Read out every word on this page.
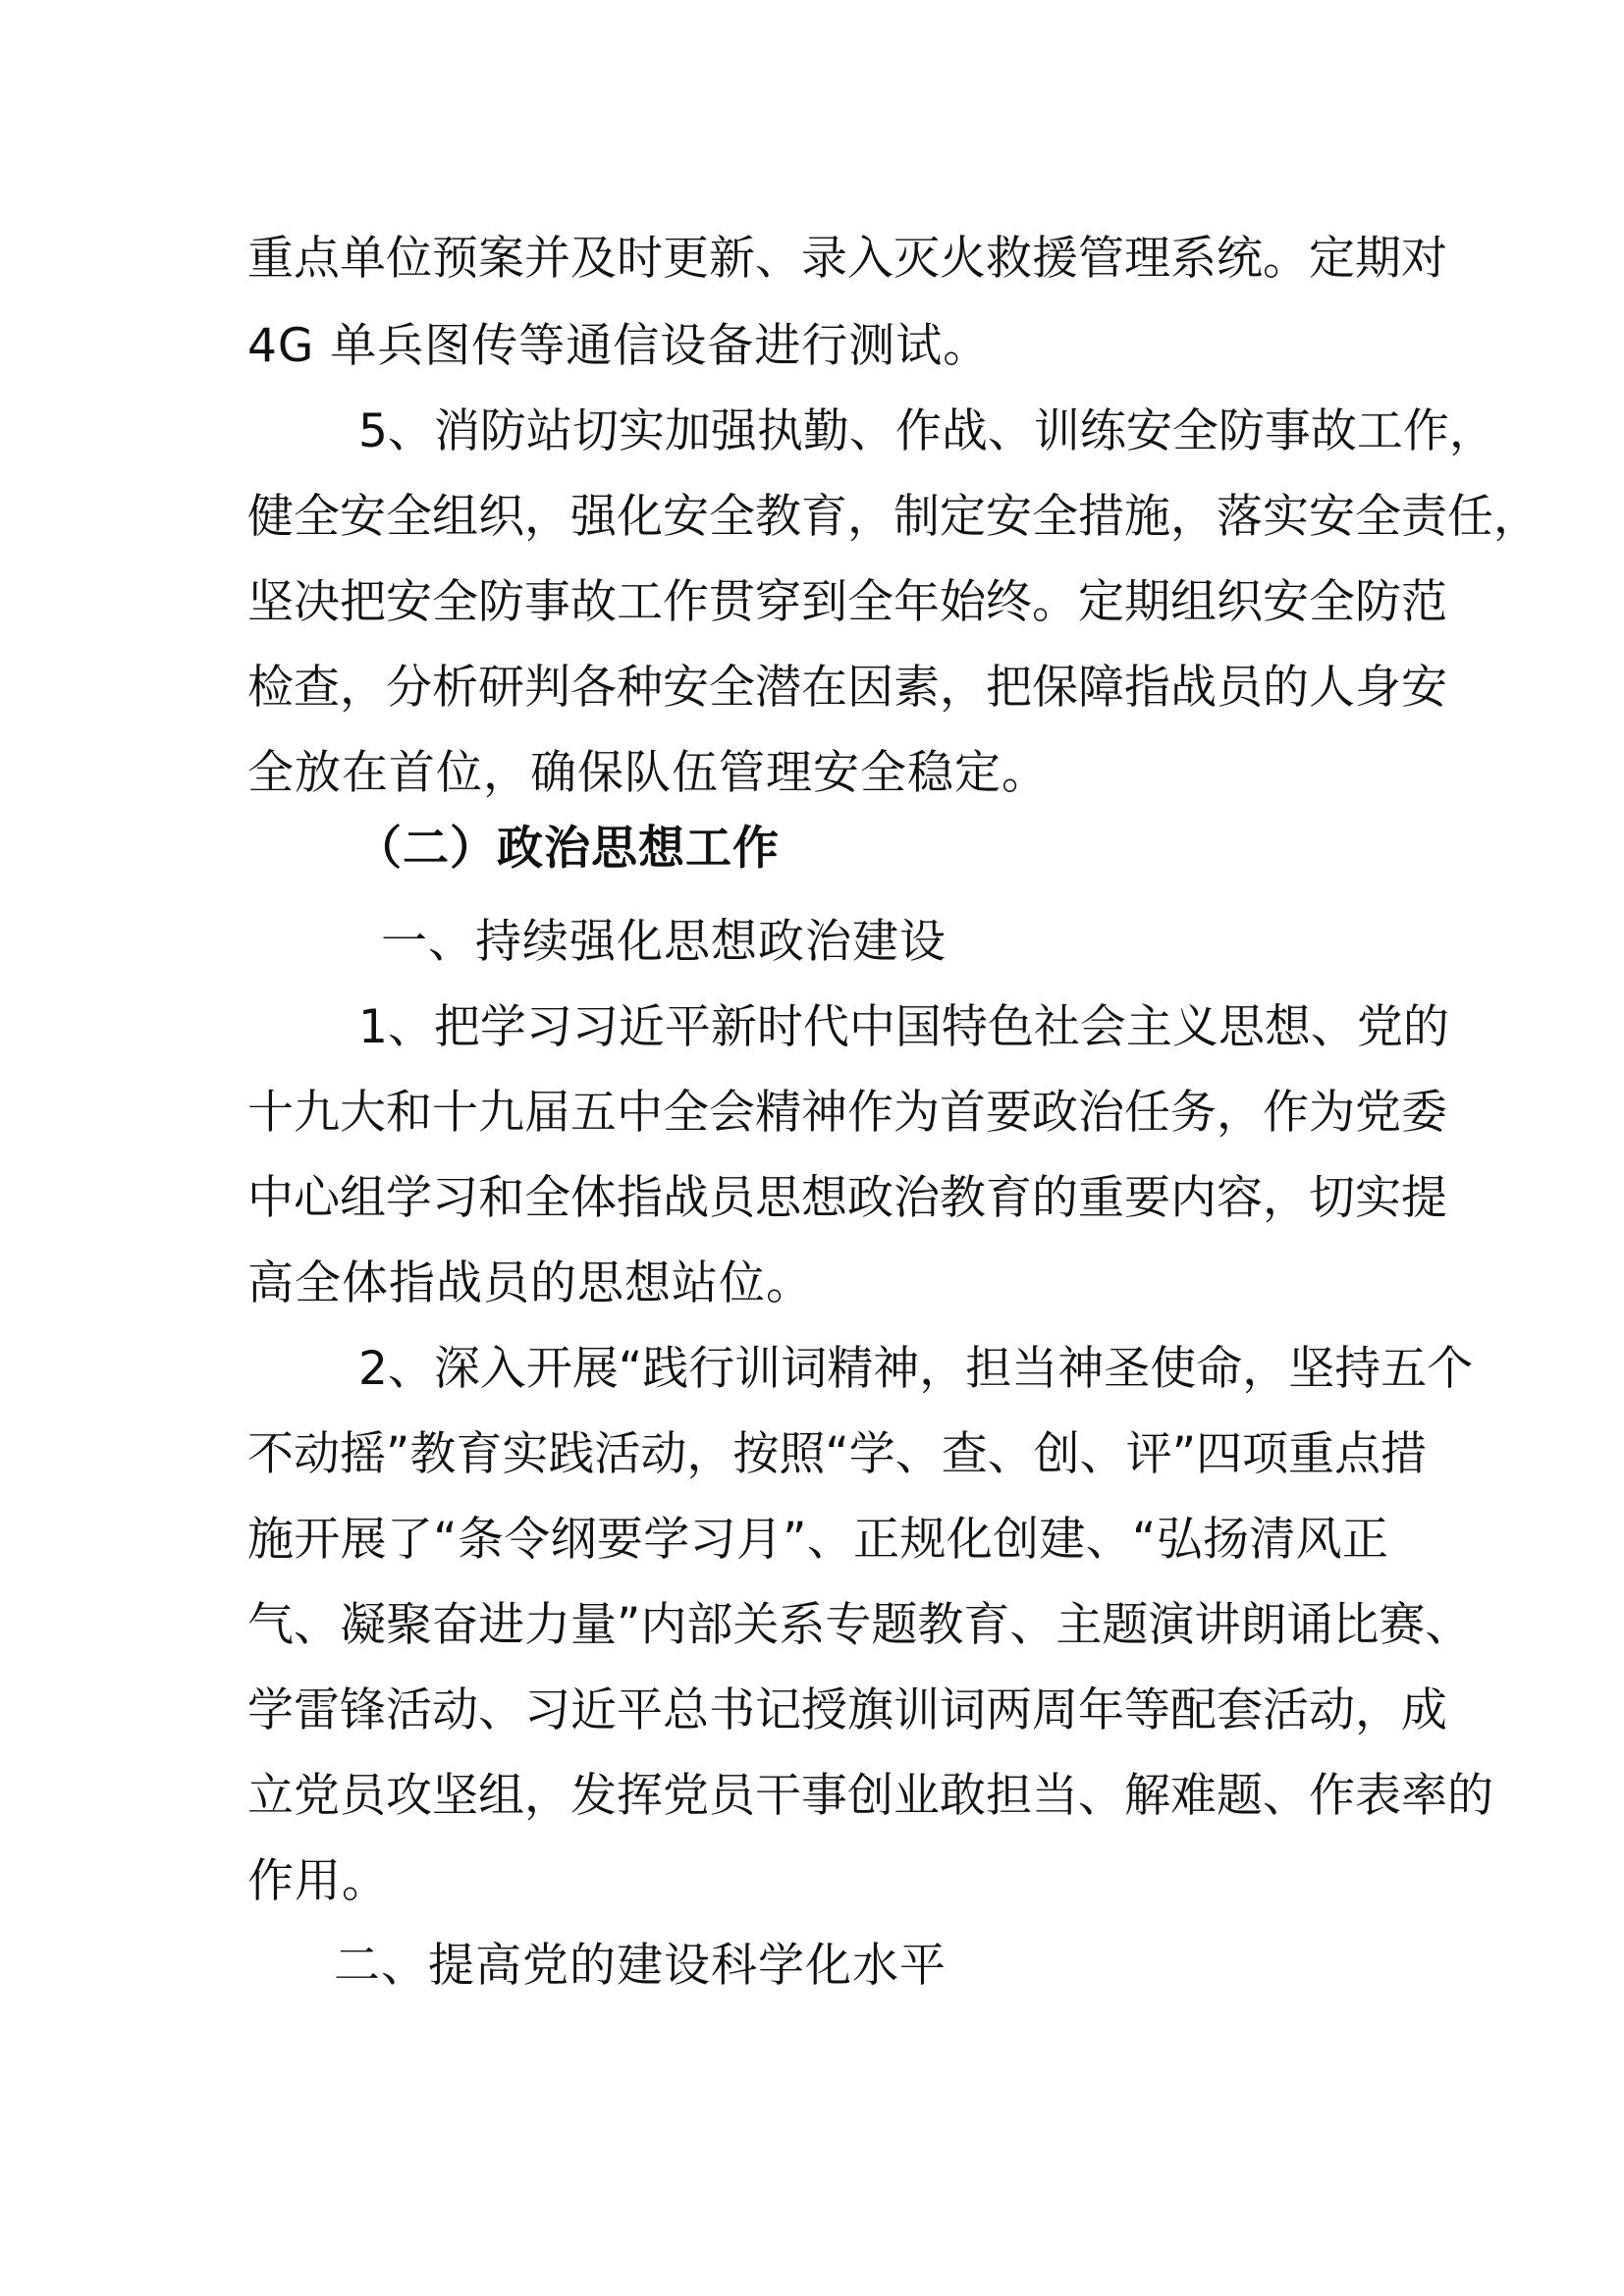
重点单位预案并及时更新、录入灭火救援管理系统。定期对
4G 单兵图传等通信设备进行测试。
5、消防站切实加强执勤、作战、训练安全防事故工作，
健全安全组织，强化安全教育，制定安全措施，落实安全责任，
坚决把安全防事故工作贯穿到全年始终。定期组织安全防范
检查，分析研判各种安全潜在因素，把保障指战员的人身安
全放在首位，确保队伍管理安全稳定。
（二）政治思想工作
一、持续强化思想政治建设
1、把学习习近平新时代中国特色社会主义思想、党的
十九大和十九届五中全会精神作为首要政治任务，作为党委
中心组学习和全体指战员思想政治教育的重要内容，切实提
高全体指战员的思想站位。
2、深入开展“践行训词精神，担当神圣使命，坚持五个
不动摇”教育实践活动，按照“学、查、创、评”四项重点措
施开展了“条令纲要学习月”、正规化创建、“弘扬清风正
气、凝聚奋进力量”内部关系专题教育、主题演讲朗诵比赛、
学雷锋活动、习近平总书记授旗训词两周年等配套活动，成
立党员攻坚组，发挥党员干事创业敢担当、解难题、作表率的
作用。
二、提高党的建设科学化水平
